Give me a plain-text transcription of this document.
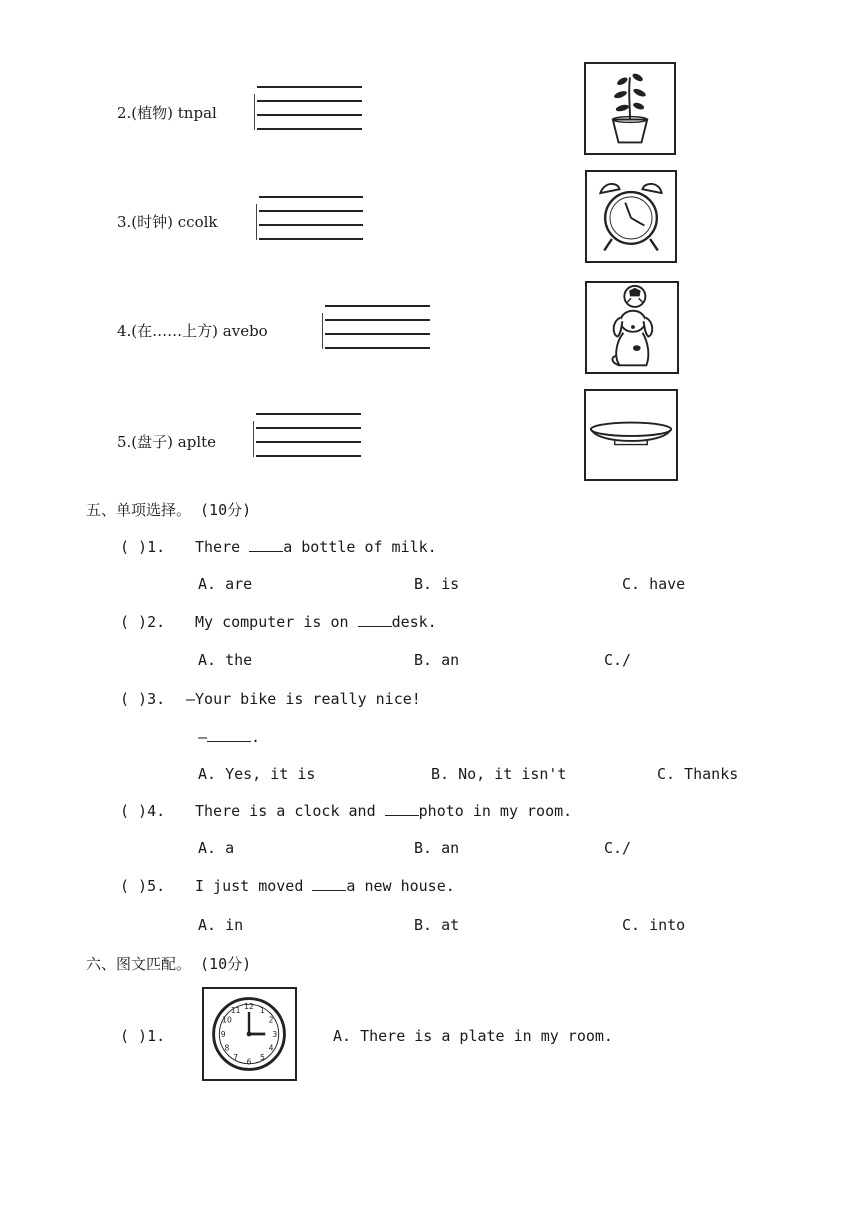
2.(植物) tnpal
3.(时钟) ccolk
4.(在……上方) avebo
5.(盘子) aplte
五、单项选择。 (10分)
( )1. There a bottle of milk.
A. are	B. is	C. have
( )2. My computer is on desk.
A. the	B. an	C./
( )3. —Your bike is really nice!
—	.
A. Yes, it is	B. No, it isn't	C. Thanks
( )4. There is a clock and photo in my room.
A. a	B. an	C./
( )5. I just moved a new house.
A. in	B. at	C. into
六、图文匹配。 (10分)
( )1.
12 1
2
3
4
5
6
7
8
9
10
11
A. There is a plate in my room.
